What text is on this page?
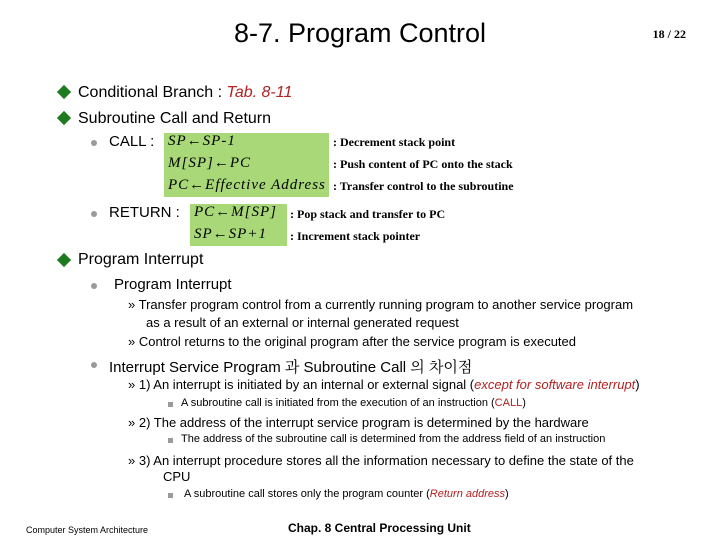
8-7. Program Control	18 / 22
Conditional Branch : Tab. 8-11
Subroutine Call and Return
CALL : SP←SP-1
M[SP]←PC
PC←Effective Address
: Decrement stack point
: Push content of PC onto the stack
: Transfer control to the subroutine
RETURN : PC←M[SP]
SP←SP+1
: Pop stack and transfer to PC
: Increment stack pointer
Program Interrupt
Program Interrupt
» Transfer program control from a currently running program to another service program
as a result of an external or internal generated request
» Control returns to the original program after the service program is executed
Interrupt Service Program 과 Subroutine Call 의 차이점
» 1) An interrupt is initiated by an internal or external signal (except for software interrupt)
A subroutine call is initiated from the execution of an instruction (CALL)
» 2) The address of the interrupt service program is determined by the hardware
The address of the subroutine call is determined from the address field of an instruction
» 3) An interrupt procedure stores all the information necessary to define the state of the
CPU
A subroutine call stores only the program counter (Return address)
Computer System Architecture	Chap. 8 Central Processing Unit
